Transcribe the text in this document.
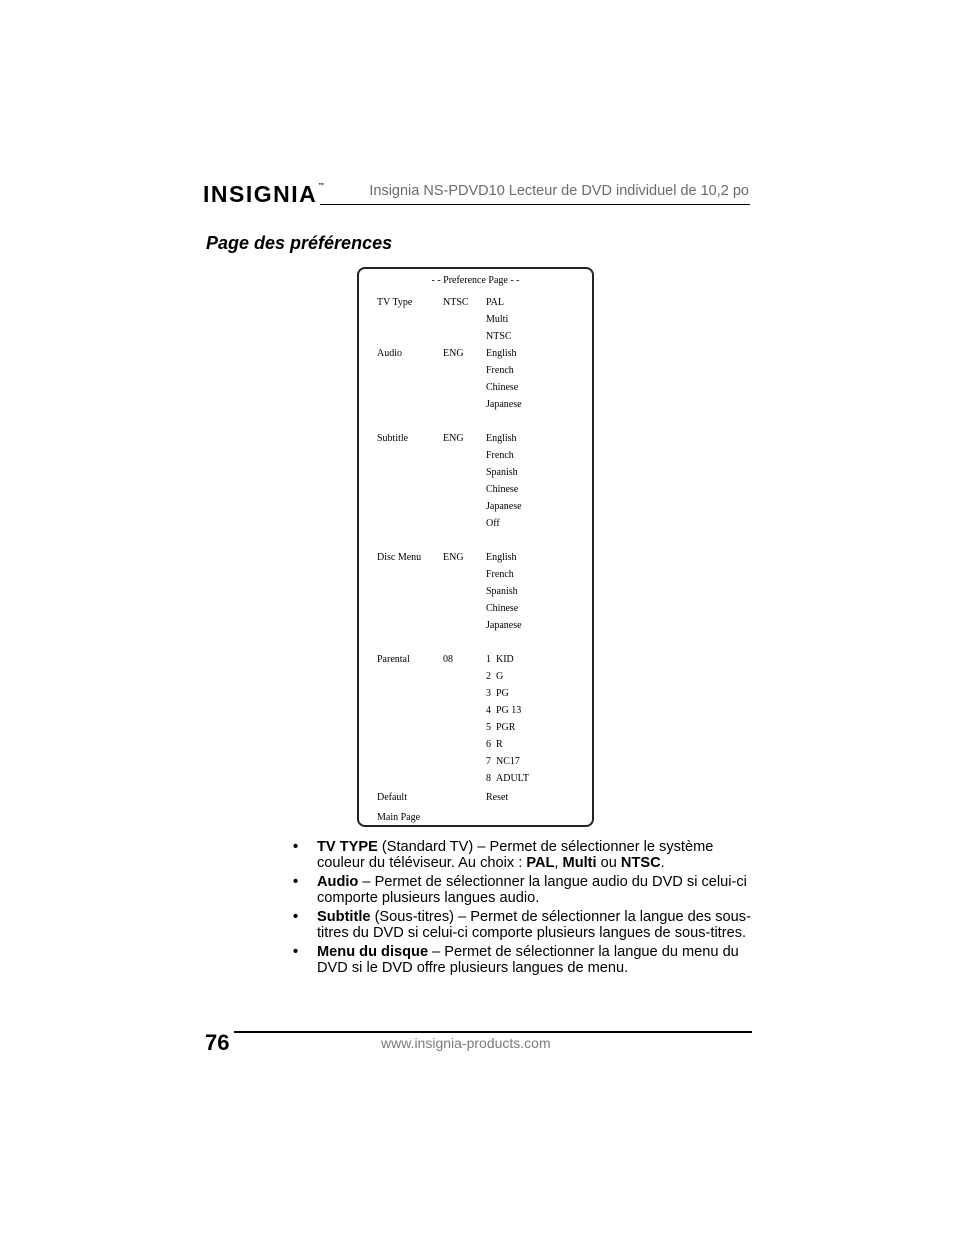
INSIGNIA™	Insignia NS-PDVD10 Lecteur de DVD individuel de 10,2 po
Page des préférences
- - Preference Page - -
TV Type	NTSC PAL
Multi
NTSC
Audio	ENG English
French
Chinese
Japanese
Subtitle	ENG English
French
Spanish
Chinese
Japanese
Off
Disc Menu ENG English
French
Spanish
Chinese
Japanese
Parental	08	1  KID
2  G
3  PG
4  PG 13
5  PGR
6  R
7  NC17
8  ADULT
Default	Reset
Main Page
• TV TYPE (Standard TV) – Permet de sélectionner le système couleur du téléviseur. Au choix : PAL, Multi ou NTSC.
• Audio – Permet de sélectionner la langue audio du DVD si celui-ci comporte plusieurs langues audio.
• Subtitle (Sous-titres) – Permet de sélectionner la langue des sous-titres du DVD si celui-ci comporte plusieurs langues de sous-titres.
• Menu du disque – Permet de sélectionner la langue du menu du DVD si le DVD offre plusieurs langues de menu.
76	www.insignia-products.com
